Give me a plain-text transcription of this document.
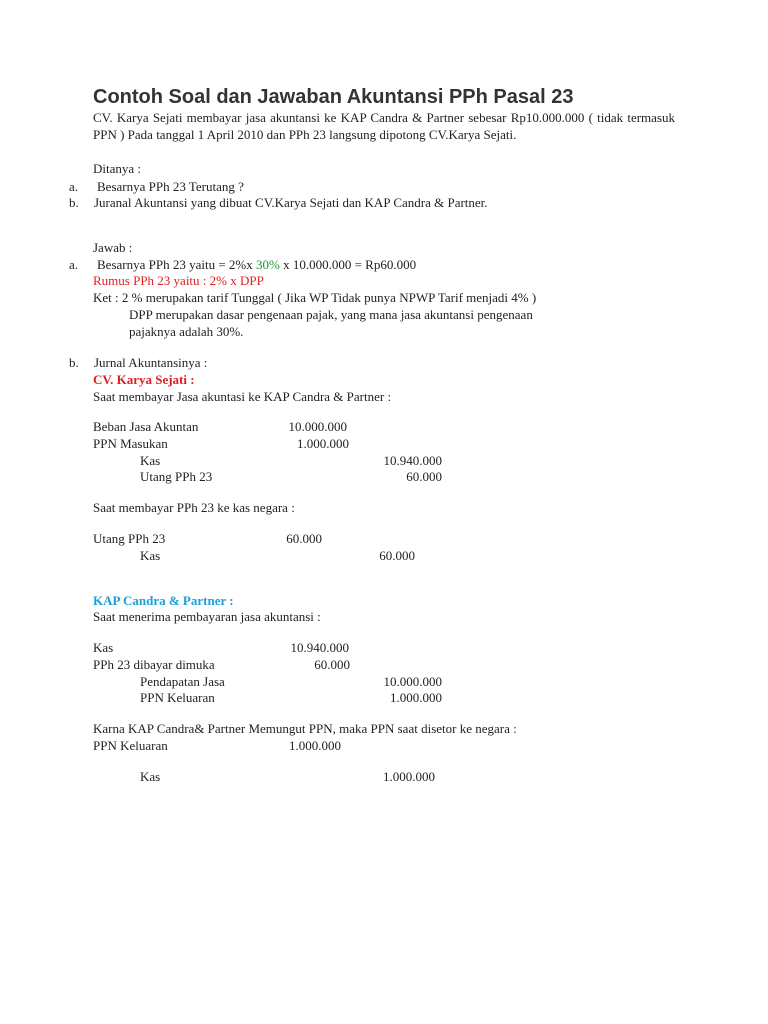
Contoh Soal dan Jawaban Akuntansi PPh Pasal 23
CV. Karya Sejati membayar jasa akuntansi ke KAP Candra & Partner sebesar Rp10.000.000 ( tidak termasuk PPN ) Pada tanggal 1 April 2010 dan PPh 23 langsung dipotong CV.Karya Sejati.
Ditanya :
a. Besarnya PPh 23 Terutang ?
b. Juranal Akuntansi yang dibuat CV.Karya Sejati dan KAP Candra & Partner.
Jawab :
a. Besarnya PPh 23 yaitu = 2%x 30% x 10.000.000 = Rp60.000
Rumus PPh 23 yaitu : 2% x DPP
Ket : 2 % merupakan tarif Tunggal ( Jika WP Tidak punya NPWP Tarif menjadi 4% )
DPP merupakan dasar pengenaan pajak, yang mana jasa akuntansi pengenaan
pajaknya adalah 30%.
b. Jurnal Akuntansinya :
CV. Karya Sejati :
Saat membayar Jasa akuntasi ke KAP Candra & Partner :
Beban Jasa Akuntan	10.000.000
PPN Masukan	1.000.000
Kas	10.940.000
Utang PPh 23	60.000
Saat membayar PPh 23 ke kas negara :
Utang PPh 23	60.000
Kas	60.000
KAP Candra & Partner :
Saat menerima pembayaran jasa akuntansi :
Kas	10.940.000
PPh 23 dibayar dimuka	60.000
Pendapatan Jasa	10.000.000
PPN Keluaran	1.000.000
Karna KAP Candra& Partner Memungut PPN, maka PPN saat disetor ke negara :
PPN Keluaran	1.000.000
Kas	1.000.000
